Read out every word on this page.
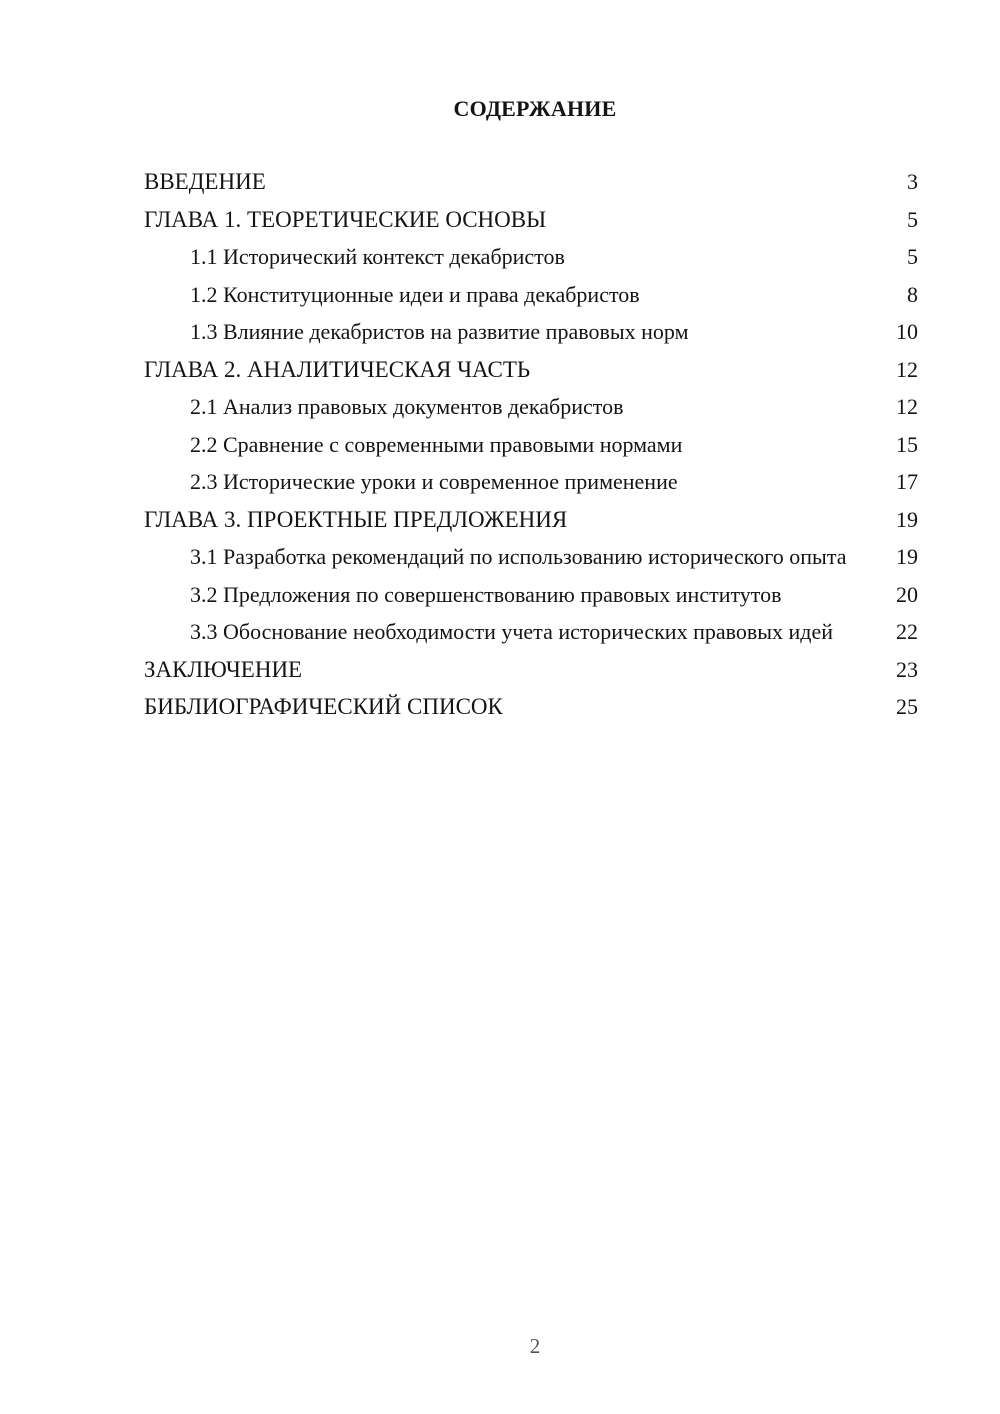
СОДЕРЖАНИЕ
ВВЕДЕНИЕ	3
ГЛАВА 1. ТЕОРЕТИЧЕСКИЕ ОСНОВЫ	5
1.1 Исторический контекст декабристов	5
1.2 Конституционные идеи и права декабристов	8
1.3 Влияние декабристов на развитие правовых норм	10
ГЛАВА 2. АНАЛИТИЧЕСКАЯ ЧАСТЬ	12
2.1 Анализ правовых документов декабристов	12
2.2 Сравнение с современными правовыми нормами	15
2.3 Исторические уроки и современное применение	17
ГЛАВА 3. ПРОЕКТНЫЕ ПРЕДЛОЖЕНИЯ	19
3.1 Разработка рекомендаций по использованию исторического опыта	19
3.2 Предложения по совершенствованию правовых институтов	20
3.3 Обоснование необходимости учета исторических правовых идей	22
ЗАКЛЮЧЕНИЕ	23
БИБЛИОГРАФИЧЕСКИЙ СПИСОК	25
2
